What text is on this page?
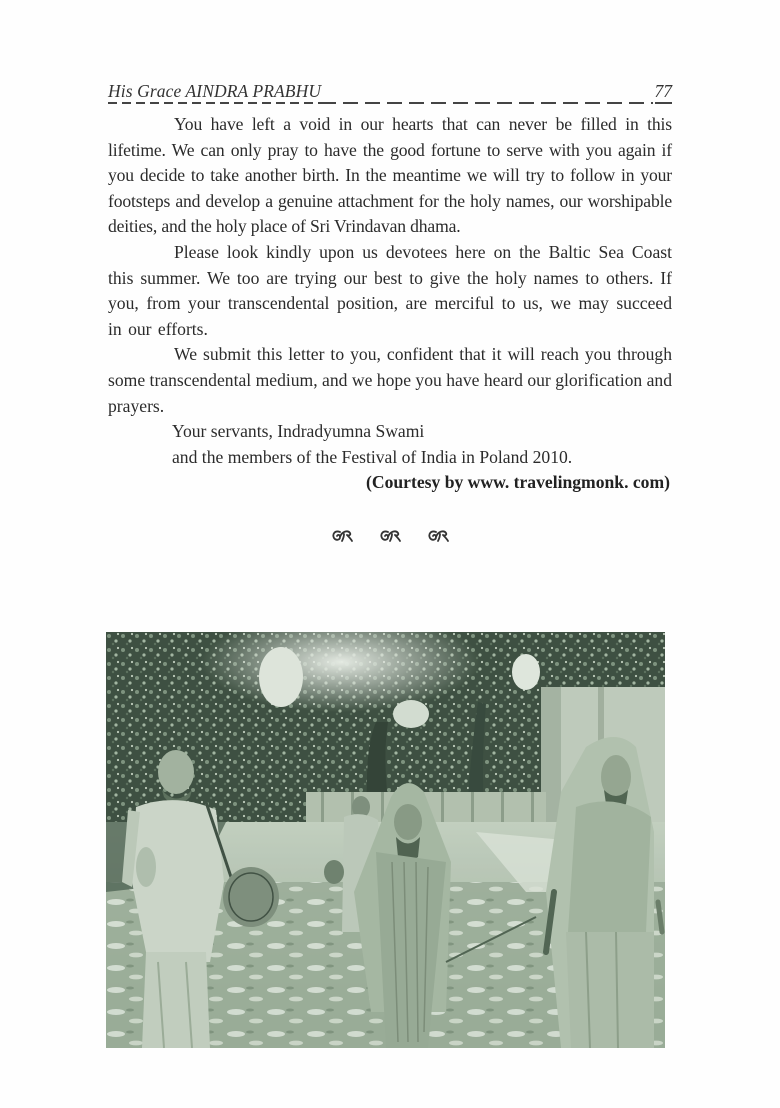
His Grace AINDRA PRABHU	77

You have left a void in our hearts that can never be filled in this lifetime. We can only pray to have the good fortune to serve with you again if you decide to take another birth. In the meantime we will try to follow in your footsteps and develop a genuine attachment for the holy names, our worshipable deities, and the holy place of Sri Vrindavan dhama.

Please look kindly upon us devotees here on the Baltic Sea Coast this summer. We too are trying our best to give the holy names to others. If you, from your transcendental position, are merciful to us, we may succeed in our efforts.

We submit this letter to you, confident that it will reach you through some transcendental medium, and we hope you have heard our glorification and prayers.

Your servants, Indradyumna Swami

and the members of the Festival of India in Poland 2010.

(Courtesy by www. travelingmonk. com)
